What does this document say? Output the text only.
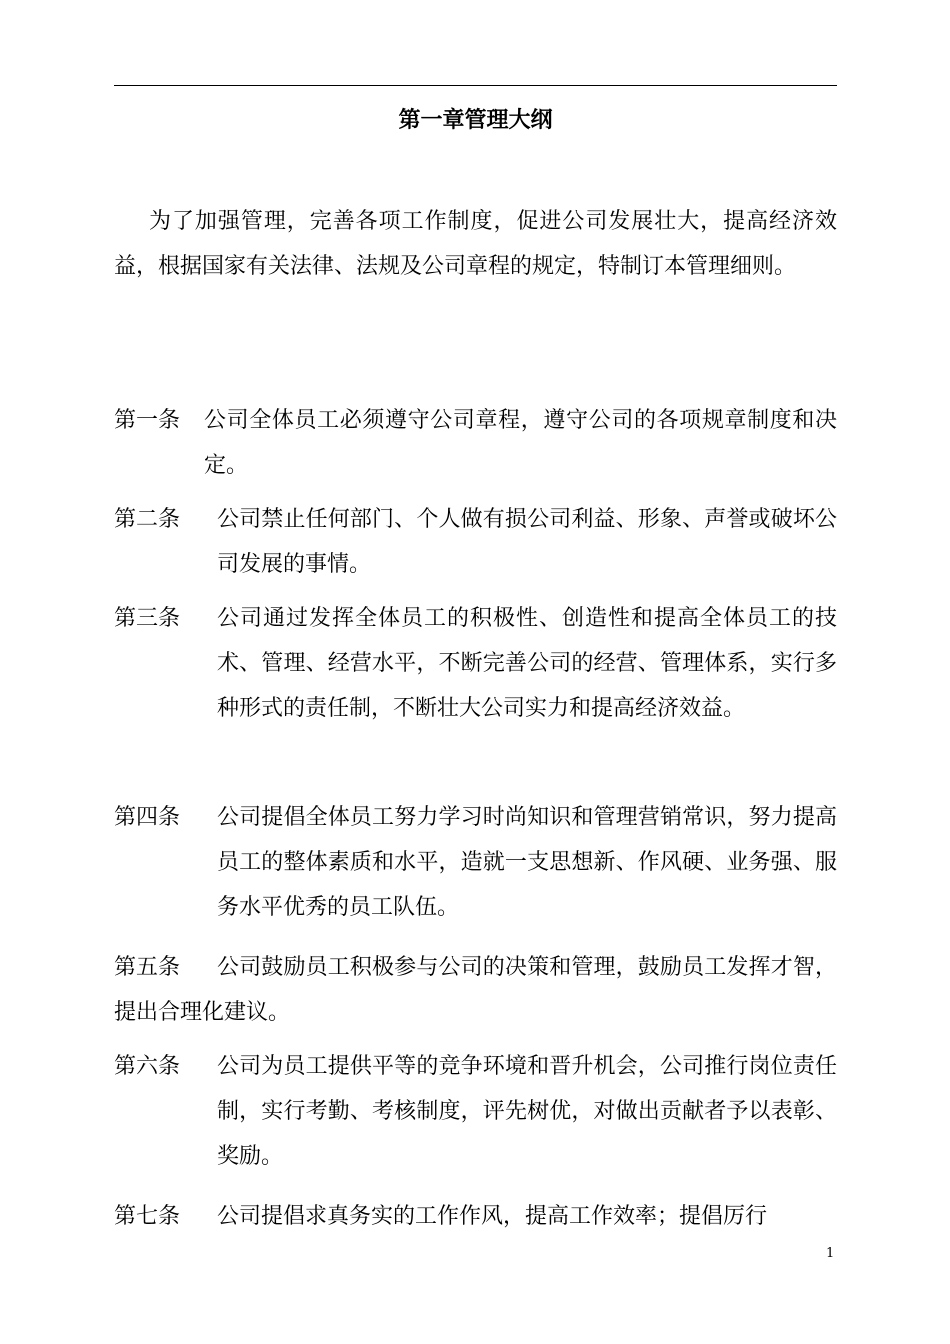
第一章管理大纲

为了加强管理，完善各项工作制度，促进公司发展壮大，提高经济效益，根据国家有关法律、法规及公司章程的规定，特制订本管理细则。

第一条 公司全体员工必须遵守公司章程，遵守公司的各项规章制度和决定。
第二条 公司禁止任何部门、个人做有损公司利益、形象、声誉或破坏公司发展的事情。
第三条 公司通过发挥全体员工的积极性、创造性和提高全体员工的技术、管理、经营水平，不断完善公司的经营、管理体系，实行多种形式的责任制，不断壮大公司实力和提高经济效益。
第四条 公司提倡全体员工努力学习时尚知识和管理营销常识，努力提高员工的整体素质和水平，造就一支思想新、作风硬、业务强、服务水平优秀的员工队伍。
第五条	公司鼓励员工积极参与公司的决策和管理，鼓励员工发挥才智，提出合理化建议。
第六条 公司为员工提供平等的竞争环境和晋升机会，公司推行岗位责任制，实行考勤、考核制度，评先树优，对做出贡献者予以表彰、奖励。
第七条 公司提倡求真务实的工作作风，提高工作效率；提倡厉行

1
